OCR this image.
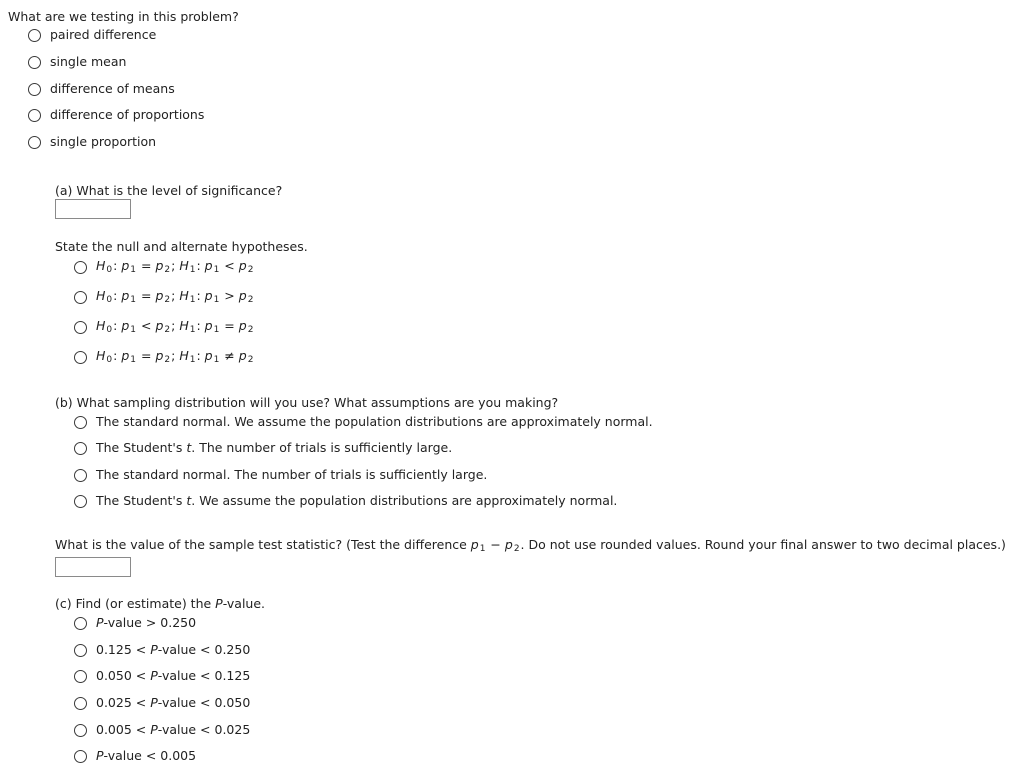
What are we testing in this problem?
paired difference
single mean
difference of means
difference of proportions
single proportion
(a) What is the level of significance?
State the null and alternate hypotheses.
H0: p1 = p2; H1: p1 < p2
H0: p1 = p2; H1: p1 > p2
H0: p1 < p2; H1: p1 = p2
H0: p1 = p2; H1: p1 ≠ p2
(b) What sampling distribution will you use? What assumptions are you making?
The standard normal. We assume the population distributions are approximately normal.
The Student's t. The number of trials is sufficiently large.
The standard normal. The number of trials is sufficiently large.
The Student's t. We assume the population distributions are approximately normal.
What is the value of the sample test statistic? (Test the difference p1 − p2. Do not use rounded values. Round your final answer to two decimal places.)
(c) Find (or estimate) the P-value.
P-value > 0.250
0.125 < P-value < 0.250
0.050 < P-value < 0.125
0.025 < P-value < 0.050
0.005 < P-value < 0.025
P-value < 0.005
